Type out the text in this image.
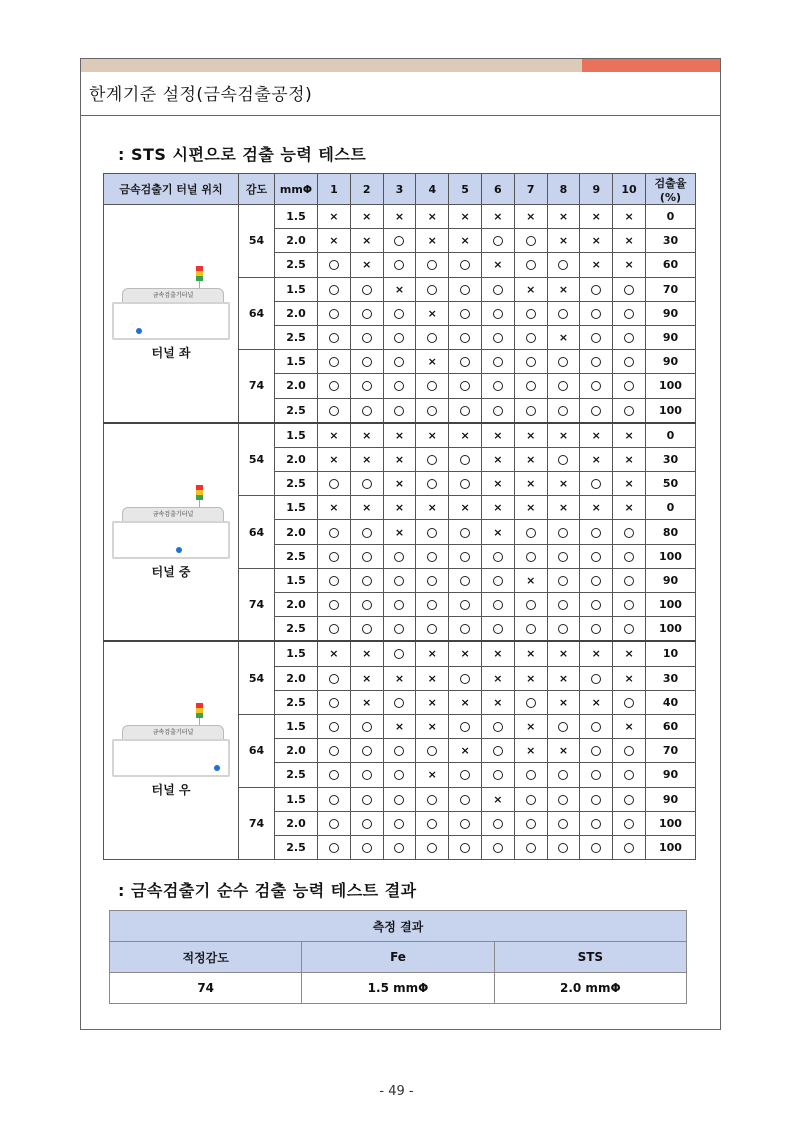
한계기준 설정(금속검출공정)
: STS 시편으로 검출 능력 테스트
금속검출기 터널 위치	감도	mmΦ	1	2	3	4	5	6	7	8	9	10	검출율 (%)

금속검출기터널
터널 좌	54	1.5	×	×	×	×	×	×	×	×	×	×	0
		2.0	×	×		×	×			×	×	×	30
		2.5		×				×			×	×	60
	64	1.5			×				×	×			70
		2.0				×							90
		2.5								×			90
	74	1.5				×							90
		2.0											100
		2.5											100

금속검출기터널
터널 중	54	1.5	×	×	×	×	×	×	×	×	×	×	0
		2.0	×	×	×			×	×		×	×	30
		2.5			×			×	×	×		×	50
	64	1.5	×	×	×	×	×	×	×	×	×	×	0
		2.0			×			×					80
		2.5											100
	74	1.5							×				90
		2.0											100
		2.5											100

금속검출기터널
터널 우	54	1.5	×	×		×	×	×	×	×	×	×	10
		2.0		×	×	×		×	×	×		×	30
		2.5		×		×	×	×		×	×		40
	64	1.5			×	×			×			×	60
		2.0					×		×	×			70
		2.5				×							90
	74	1.5						×					90
		2.0											100
		2.5											100
: 금속검출기 순수 검출 능력 테스트 결과
측정 결과		
적정감도	Fe	STS
74	1.5 mmΦ	2.0 mmΦ
- 49 -
